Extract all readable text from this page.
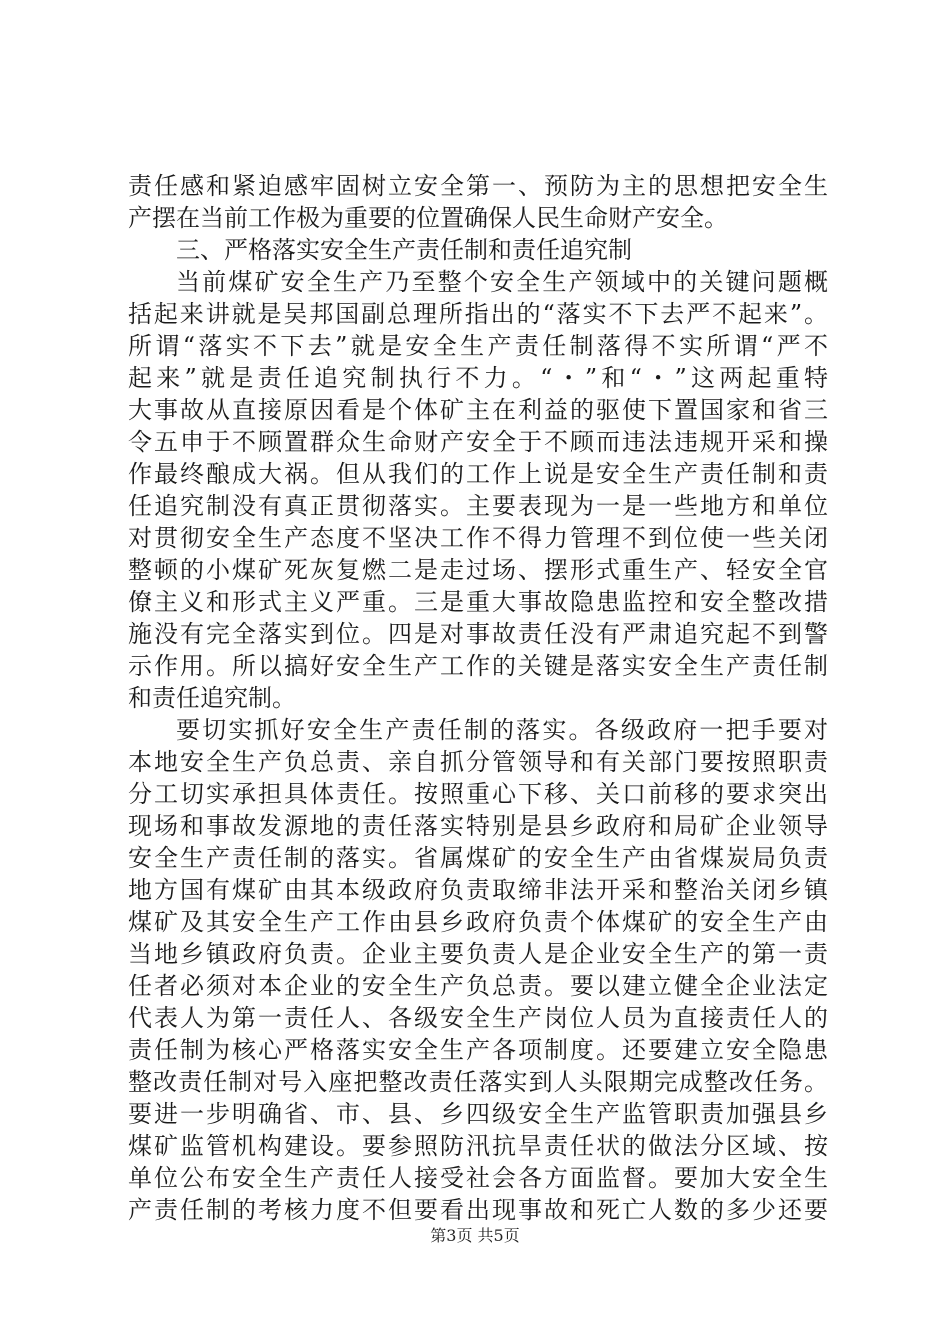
责任感和紧迫感牢固树立安全第一、预防为主的思想把安全生
产摆在当前工作极为重要的位置确保人民生命财产安全。
三、严格落实安全生产责任制和责任追究制
当前煤矿安全生产乃至整个安全生产领域中的关键问题概
括起来讲就是吴邦国副总理所指出的“落实不下去严不起来”。
所谓“落实不下去”就是安全生产责任制落得不实所谓“严不
起来”就是责任追究制执行不力。“・”和“・”这两起重特
大事故从直接原因看是个体矿主在利益的驱使下置国家和省三
令五申于不顾置群众生命财产安全于不顾而违法违规开采和操
作最终酿成大祸。但从我们的工作上说是安全生产责任制和责
任追究制没有真正贯彻落实。主要表现为一是一些地方和单位
对贯彻安全生产态度不坚决工作不得力管理不到位使一些关闭
整顿的小煤矿死灰复燃二是走过场、摆形式重生产、轻安全官
僚主义和形式主义严重。三是重大事故隐患监控和安全整改措
施没有完全落实到位。四是对事故责任没有严肃追究起不到警
示作用。所以搞好安全生产工作的关键是落实安全生产责任制
和责任追究制。
要切实抓好安全生产责任制的落实。各级政府一把手要对
本地安全生产负总责、亲自抓分管领导和有关部门要按照职责
分工切实承担具体责任。按照重心下移、关口前移的要求突出
现场和事故发源地的责任落实特别是县乡政府和局矿企业领导
安全生产责任制的落实。省属煤矿的安全生产由省煤炭局负责
地方国有煤矿由其本级政府负责取缔非法开采和整治关闭乡镇
煤矿及其安全生产工作由县乡政府负责个体煤矿的安全生产由
当地乡镇政府负责。企业主要负责人是企业安全生产的第一责
任者必须对本企业的安全生产负总责。要以建立健全企业法定
代表人为第一责任人、各级安全生产岗位人员为直接责任人的
责任制为核心严格落实安全生产各项制度。还要建立安全隐患
整改责任制对号入座把整改责任落实到人头限期完成整改任务。
要进一步明确省、市、县、乡四级安全生产监管职责加强县乡
煤矿监管机构建设。要参照防汛抗旱责任状的做法分区域、按
单位公布安全生产责任人接受社会各方面监督。要加大安全生
产责任制的考核力度不但要看出现事故和死亡人数的多少还要
第3页 共5页
